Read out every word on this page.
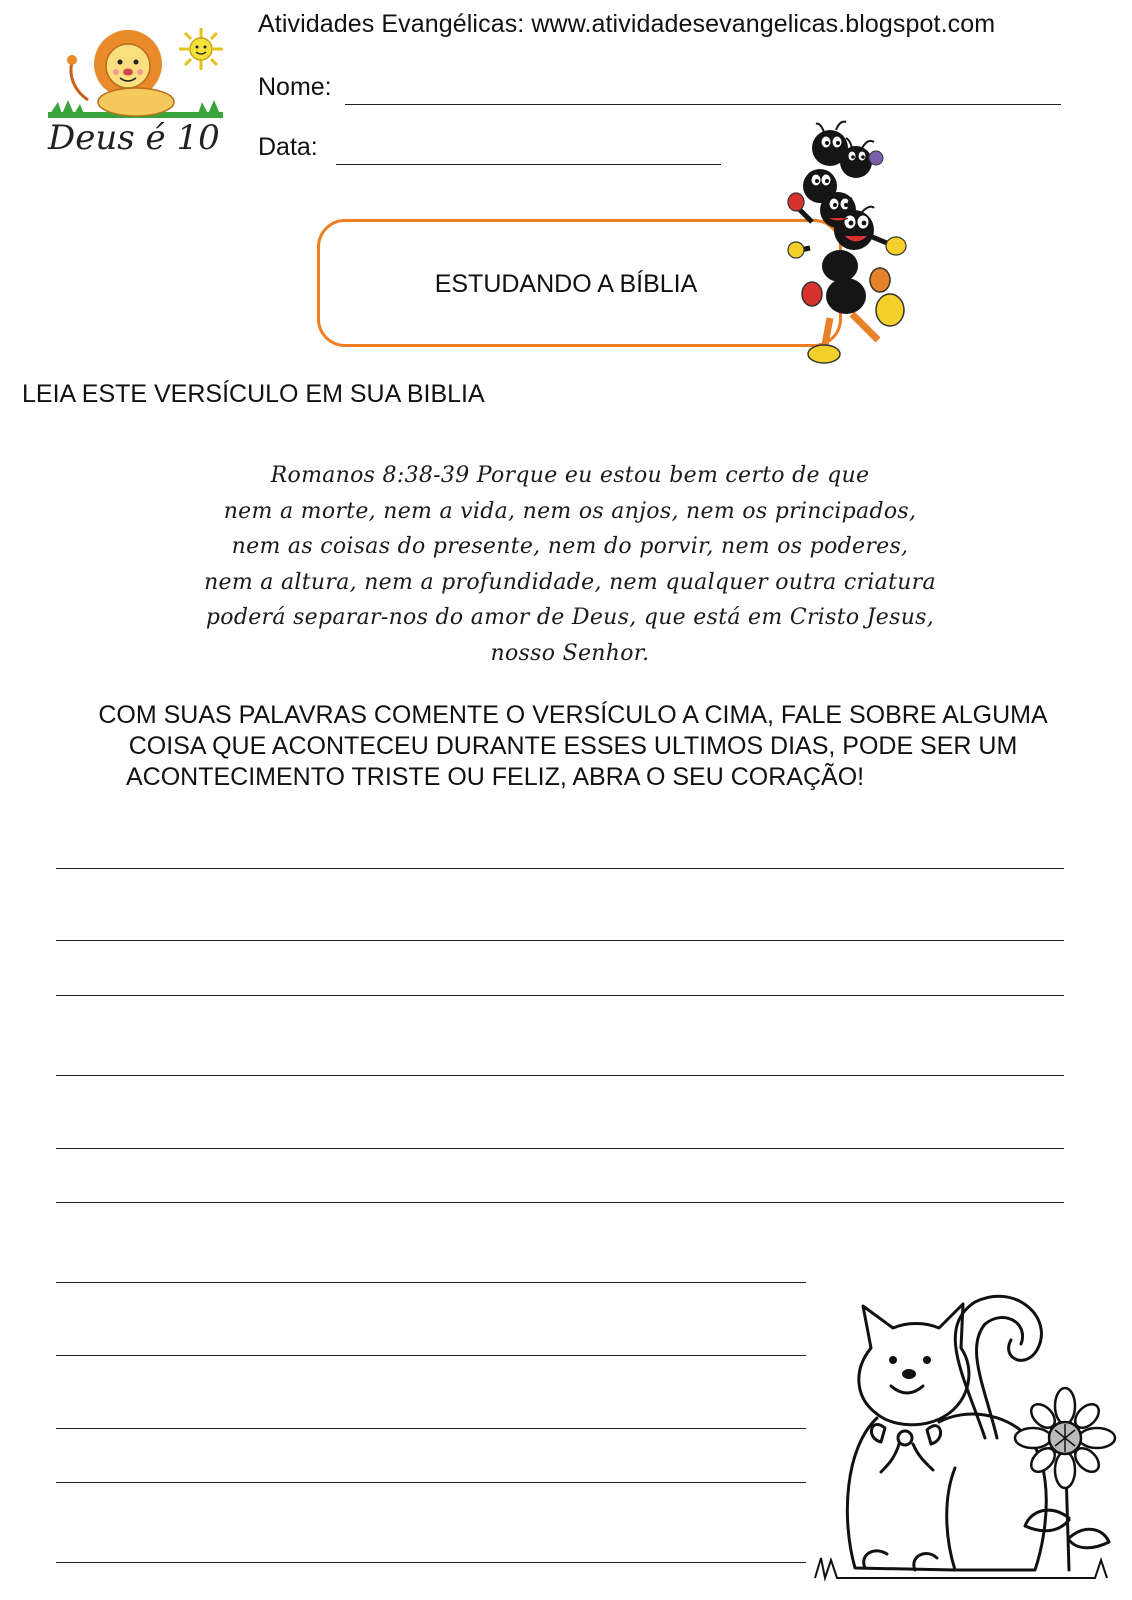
Deus é 10
Atividades Evangélicas: www.atividadesevangelicas.blogspot.com
Nome:
Data:
ESTUDANDO A BÍBLIA
LEIA ESTE VERSÍCULO EM SUA BIBLIA
Romanos 8:38-39 Porque eu estou bem certo de que
nem a morte, nem a vida, nem os anjos, nem os principados,
nem as coisas do presente, nem do porvir, nem os poderes,
nem a altura, nem a profundidade, nem qualquer outra criatura
poderá separar-nos do amor de Deus, que está em Cristo Jesus,
nosso Senhor.
COM SUAS PALAVRAS COMENTE O VERSÍCULO A CIMA, FALE SOBRE ALGUMA
COISA QUE ACONTECEU DURANTE ESSES ULTIMOS DIAS, PODE SER UM
ACONTECIMENTO TRISTE OU FELIZ, ABRA O SEU CORAÇÃO!
